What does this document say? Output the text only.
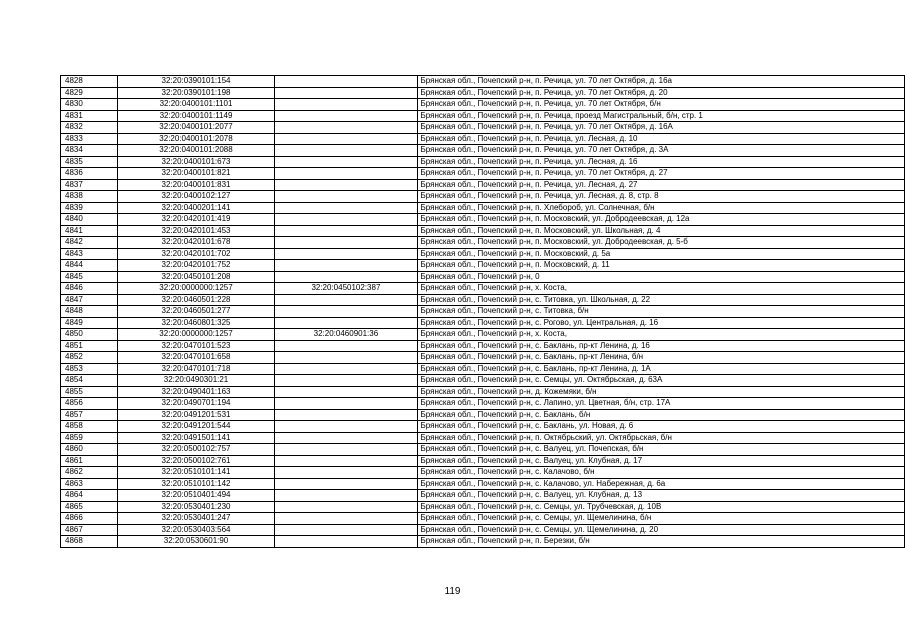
4828	32:20:0390101:154		Брянская обл., Почепский р-н, п. Речица, ул. 70 лет Октября, д. 16а
4829	32:20:0390101:198		Брянская обл., Почепский р-н, п. Речица, ул. 70 лет Октября, д. 20
4830	32:20:0400101:1101		Брянская обл., Почепский р-н, п. Речица, ул. 70 лет Октября, б/н
4831	32:20:0400101:1149		Брянская обл., Почепский р-н, п. Речица, проезд Магистральный, б/н, стр. 1
4832	32:20:0400101:2077		Брянская обл., Почепский р-н, п. Речица, ул. 70 лет Октября, д. 16А
4833	32:20:0400101:2078		Брянская обл., Почепский р-н, п. Речица, ул. Лесная, д. 10
4834	32:20:0400101:2088		Брянская обл., Почепский р-н, п. Речица, ул. 70 лет Октября, д. 3А
4835	32:20:0400101:673		Брянская обл., Почепский р-н, п. Речица, ул. Лесная, д. 16
4836	32:20:0400101:821		Брянская обл., Почепский р-н, п. Речица, ул. 70 лет Октября, д. 27
4837	32:20:0400101:831		Брянская обл., Почепский р-н, п. Речица, ул. Лесная, д. 27
4838	32:20:0400102:127		Брянская обл., Почепский р-н, п. Речица, ул. Лесная, д. 8, стр. 8
4839	32:20:0400201:141		Брянская обл., Почепский р-н, п. Хлебороб, ул. Солнечная, б/н
4840	32:20:0420101:419		Брянская обл., Почепский р-н, п. Московский, ул. Добродеевская, д. 12а
4841	32:20:0420101:453		Брянская обл., Почепский р-н, п. Московский, ул. Школьная, д. 4
4842	32:20:0420101:678		Брянская обл., Почепский р-н, п. Московский, ул. Добродеевская, д. 5-б
4843	32:20:0420101:702		Брянская обл., Почепский р-н, п. Московский, д. 5а
4844	32:20:0420101:752		Брянская обл., Почепский р-н, п. Московский, д. 11
4845	32:20:0450101:208		Брянская обл., Почепский р-н, 0
4846	32:20:0000000:1257	32:20:0450102:387	Брянская обл., Почепский р-н, х. Коста,
4847	32:20:0460501:228		Брянская обл., Почепский р-н, с. Титовка, ул. Школьная, д. 22
4848	32:20:0460501:277		Брянская обл., Почепский р-н, с. Титовка, б/н
4849	32:20:0460801:325		Брянская обл., Почепский р-н, с. Рогово, ул. Центральная, д. 16
4850	32:20:0000000:1257	32:20:0460901:36	Брянская обл., Почепский р-н, х. Коста,
4851	32:20:0470101:523		Брянская обл., Почепский р-н, с. Баклань, пр-кт Ленина, д. 16
4852	32:20:0470101:658		Брянская обл., Почепский р-н, с. Баклань, пр-кт Ленина, б/н
4853	32:20:0470101:718		Брянская обл., Почепский р-н, с. Баклань, пр-кт Ленина, д. 1А
4854	32:20:0490301:21		Брянская обл., Почепский р-н, с. Семцы, ул. Октябрьская, д. 63А
4855	32:20:0490401:163		Брянская обл., Почепский р-н, д. Кожемяки, б/н
4856	32:20:0490701:194		Брянская обл., Почепский р-н, с. Лапино, ул. Цветная, б/н, стр. 17А
4857	32:20:0491201:531		Брянская обл., Почепский р-н, с. Баклань, б/н
4858	32:20:0491201:544		Брянская обл., Почепский р-н, с. Баклань, ул. Новая, д. 6
4859	32:20:0491501:141		Брянская обл., Почепский р-н, п. Октябрьский, ул. Октябрьская, б/н
4860	32:20:0500102:757		Брянская обл., Почепский р-н, с. Валуец, ул. Почепская, б/н
4861	32:20:0500102:761		Брянская обл., Почепский р-н, с. Валуец, ул. Клубная, д. 17
4862	32:20:0510101:141		Брянская обл., Почепский р-н, с. Калачово, б/н
4863	32:20:0510101:142		Брянская обл., Почепский р-н, с. Калачово, ул. Набережная, д. 6а
4864	32:20:0510401:494		Брянская обл., Почепский р-н, с. Валуец, ул. Клубная, д. 13
4865	32:20:0530401:230		Брянская обл., Почепский р-н, с. Семцы, ул. Трубчевская, д. 10В
4866	32:20:0530401:247		Брянская обл., Почепский р-н, с. Семцы, ул. Щемелинина, б/н
4867	32:20:0530403:564		Брянская обл., Почепский р-н, с. Семцы, ул. Щемелинина, д. 20
4868	32:20:0530601:90		Брянская обл., Почепский р-н, п. Березки, б/н
119
